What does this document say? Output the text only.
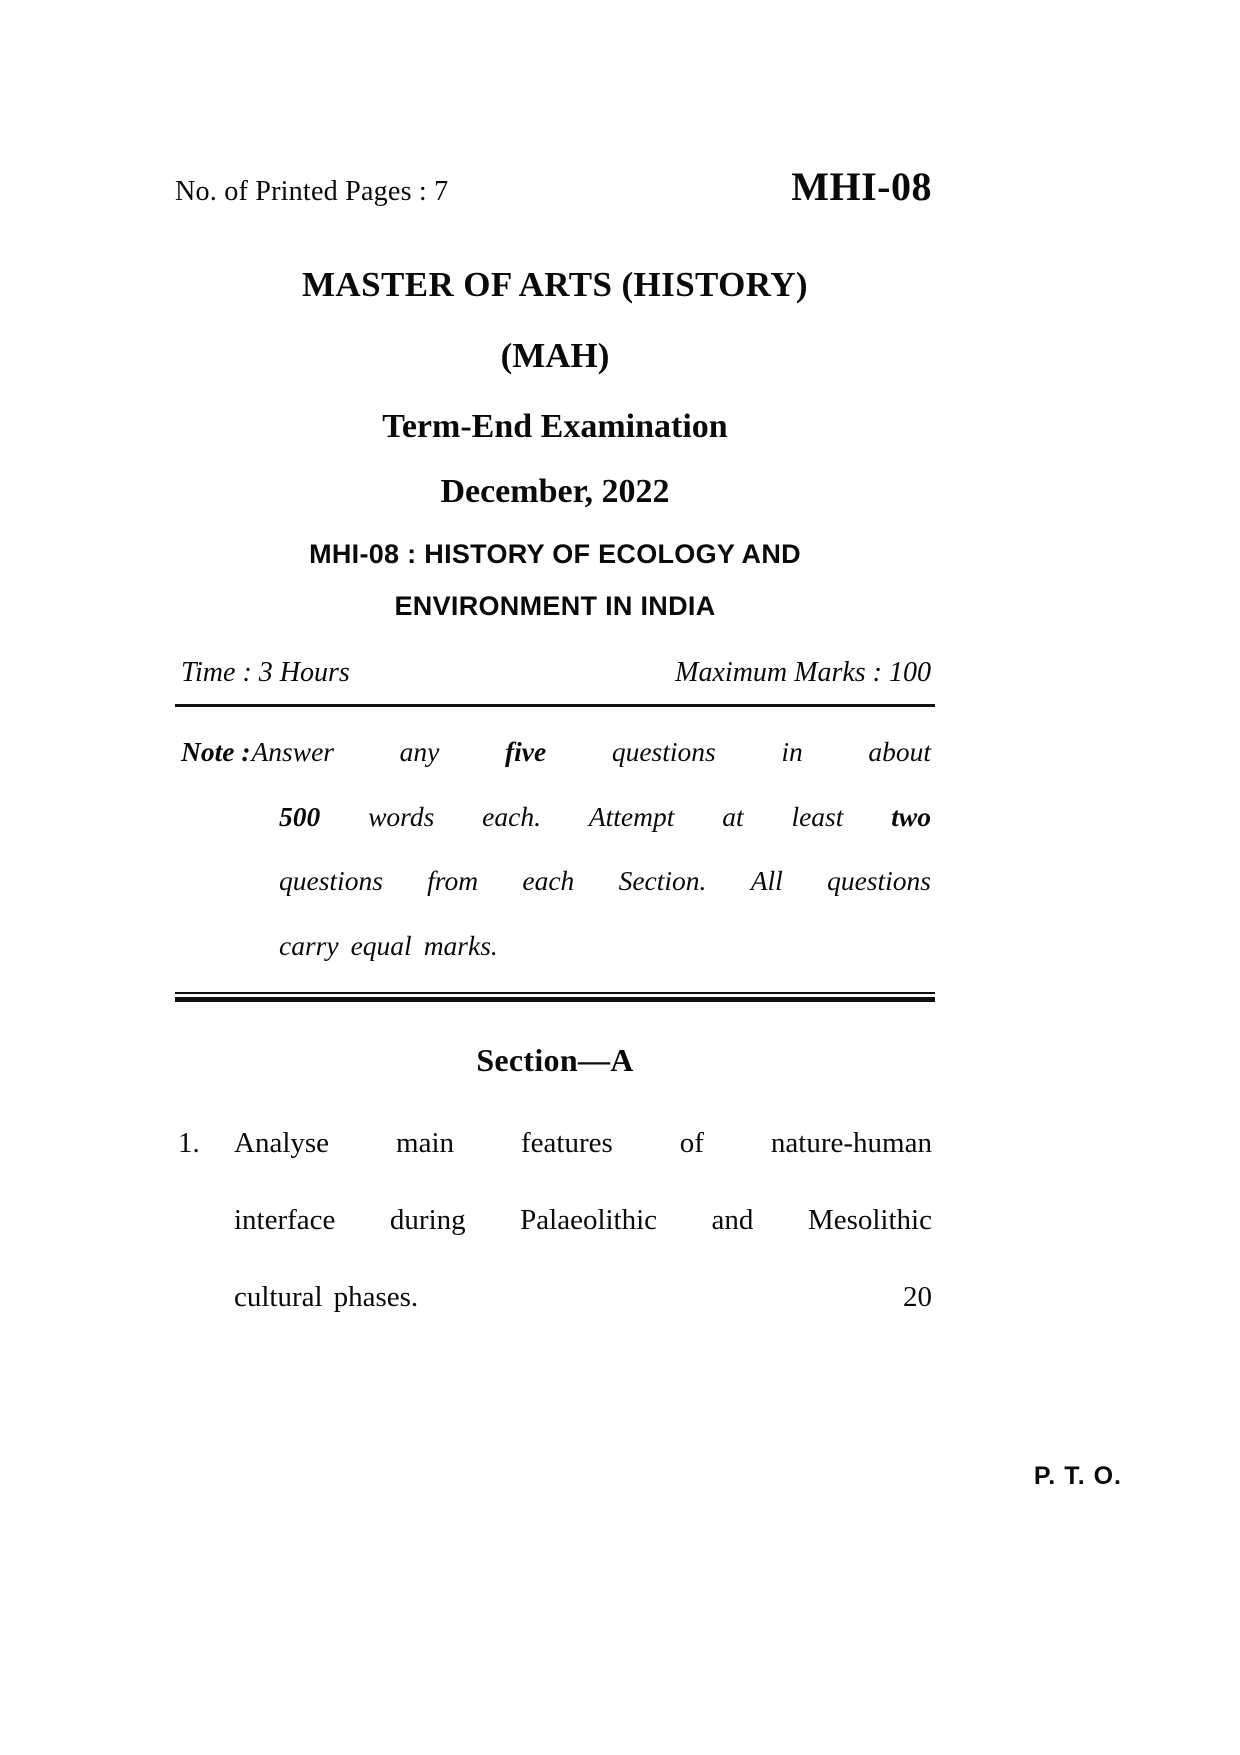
No. of Printed Pages : 7	MHI-08
MASTER OF ARTS (HISTORY)
(MAH)
Term-End Examination
December, 2022
MHI-08 : HISTORY OF ECOLOGY AND
ENVIRONMENT IN INDIA
Time : 3 Hours	Maximum Marks : 100
Note : Answer any five questions in about
500 words each. Attempt at least two
questions from each Section. All questions
carry equal marks.
Section—A
1.	Analyse main features of nature-human
interface during Palaeolithic and Mesolithic
cultural phases.	20
P. T. O.
